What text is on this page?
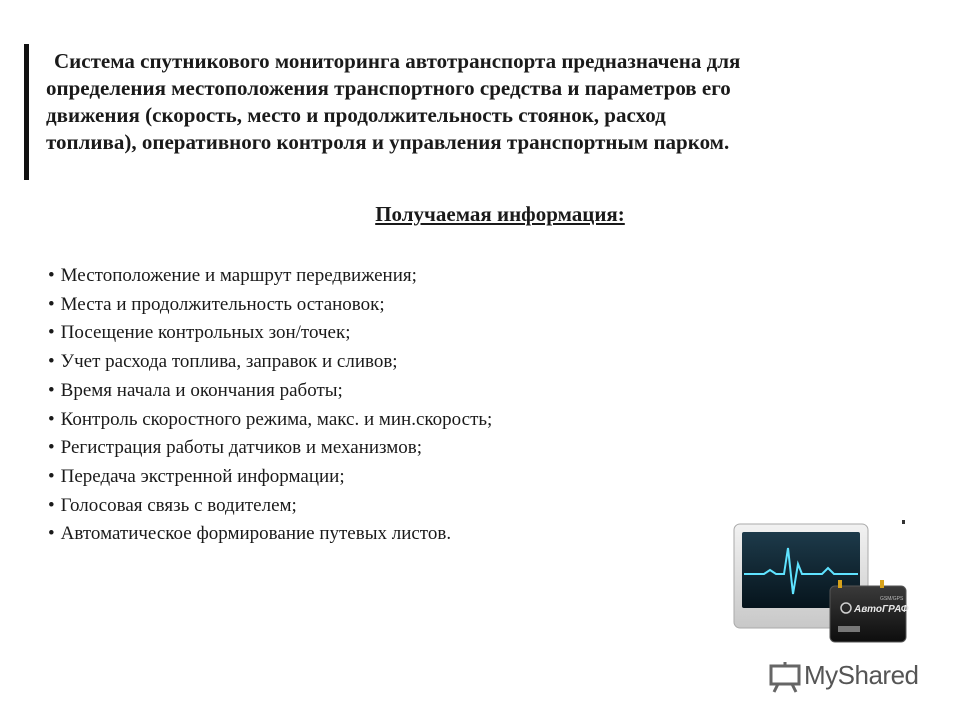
Система спутникового мониторинга автотранспорта предназначена для
определения местоположения транспортного средства и параметров его
движения (скорость, место и продолжительность стоянок, расход
топлива), оперативного контроля и управления транспортным парком.
Получаемая информация:
• Местоположение и маршрут передвижения;
• Места и продолжительность остановок;
• Посещение контрольных зон/точек;
• Учет расхода топлива, заправок и сливов;
• Время начала и окончания работы;
• Контроль скоростного режима, макс. и мин.скорость;
• Регистрация работы датчиков и механизмов;
• Передача экстренной информации;
• Голосовая связь с водителем;
• Автоматическое формирование путевых листов.
АвтоГРАФ
GSM/GPS
MyShared
